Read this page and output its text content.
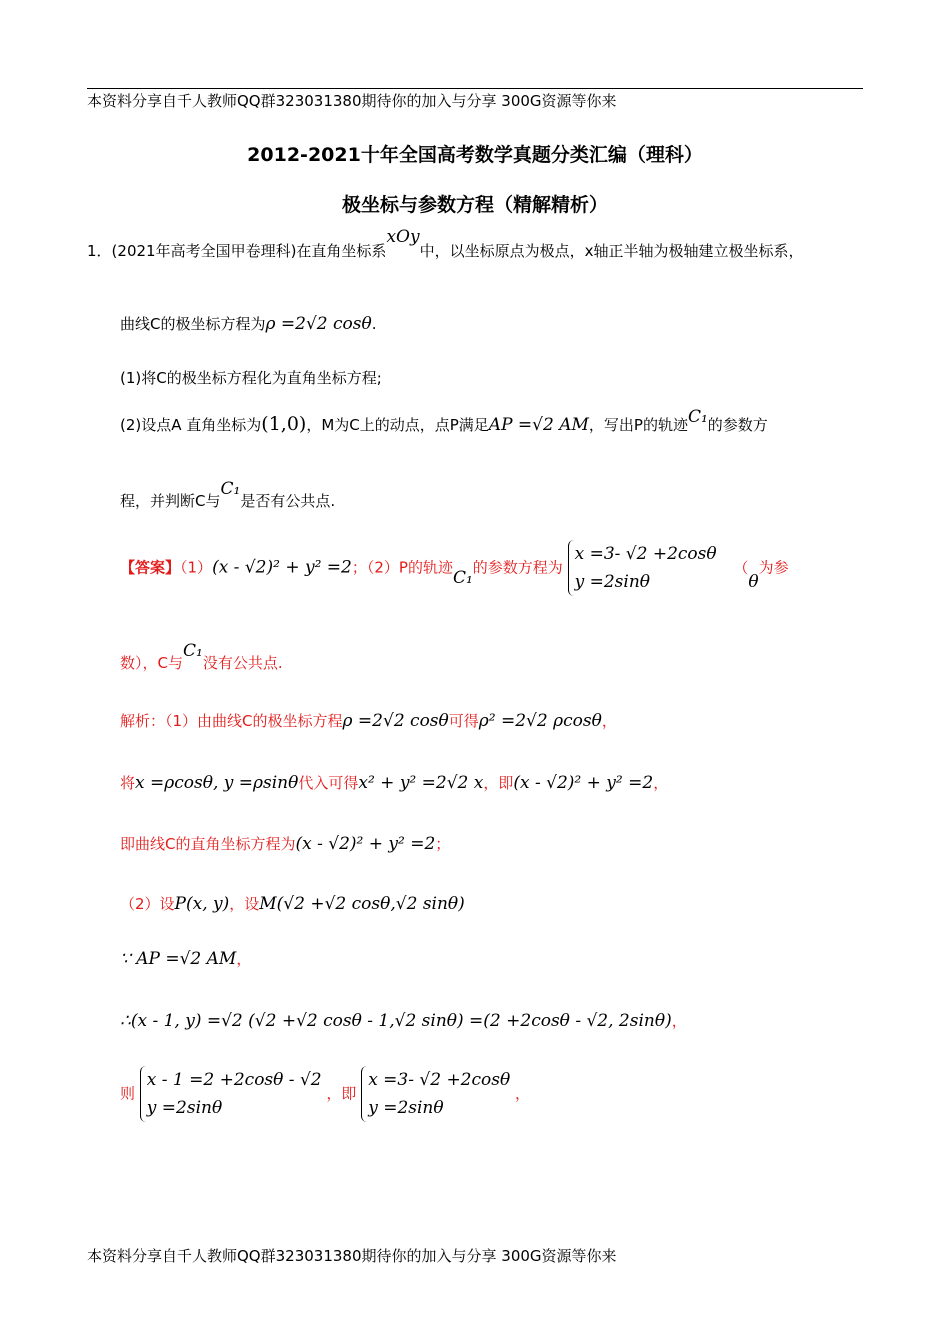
本资料分享自千人教师QQ群323031380期待你的加入与分享 300G资源等你来
2012-2021十年全国高考数学真题分类汇编（理科）
极坐标与参数方程（精解精析）
1．(2021年高考全国甲卷理科)在直角坐标系xOy中，以坐标原点为极点，x轴正半轴为极轴建立极坐标系，
曲线C的极坐标方程为ρ =2√2 cosθ.
(1)将C的极坐标方程化为直角坐标方程;
(2)设点A 直角坐标为(1,0)，M为C上的动点，点P满足AP =√2 AM，写出P的轨迹C₁的参数方
程，并判断C与C₁是否有公共点.
【答案】（1）(x - √2)² + y² =2；（2）P的轨迹C₁的参数方程为
x =3- √2 +2cosθ
y =2sinθ
（θ为参
数），C与C₁没有公共点.
解析：（1）由曲线C的极坐标方程ρ =2√2 cosθ可得ρ² =2√2 ρcosθ，
将x =ρcosθ, y =ρsinθ代入可得x² + y² =2√2 x，即(x - √2)² + y² =2，
即曲线C的直角坐标方程为(x - √2)² + y² =2；
（2）设P(x, y)，设M(√2 +√2 cosθ,√2 sinθ)
∵ AP =√2 AM，
∴(x - 1, y) =√2 (√2 +√2 cosθ - 1,√2 sinθ) =(2 +2cosθ - √2, 2sinθ)，
则
x - 1 =2 +2cosθ - √2
y =2sinθ
，即
x =3- √2 +2cosθ
y =2sinθ
，
本资料分享自千人教师QQ群323031380期待你的加入与分享 300G资源等你来
